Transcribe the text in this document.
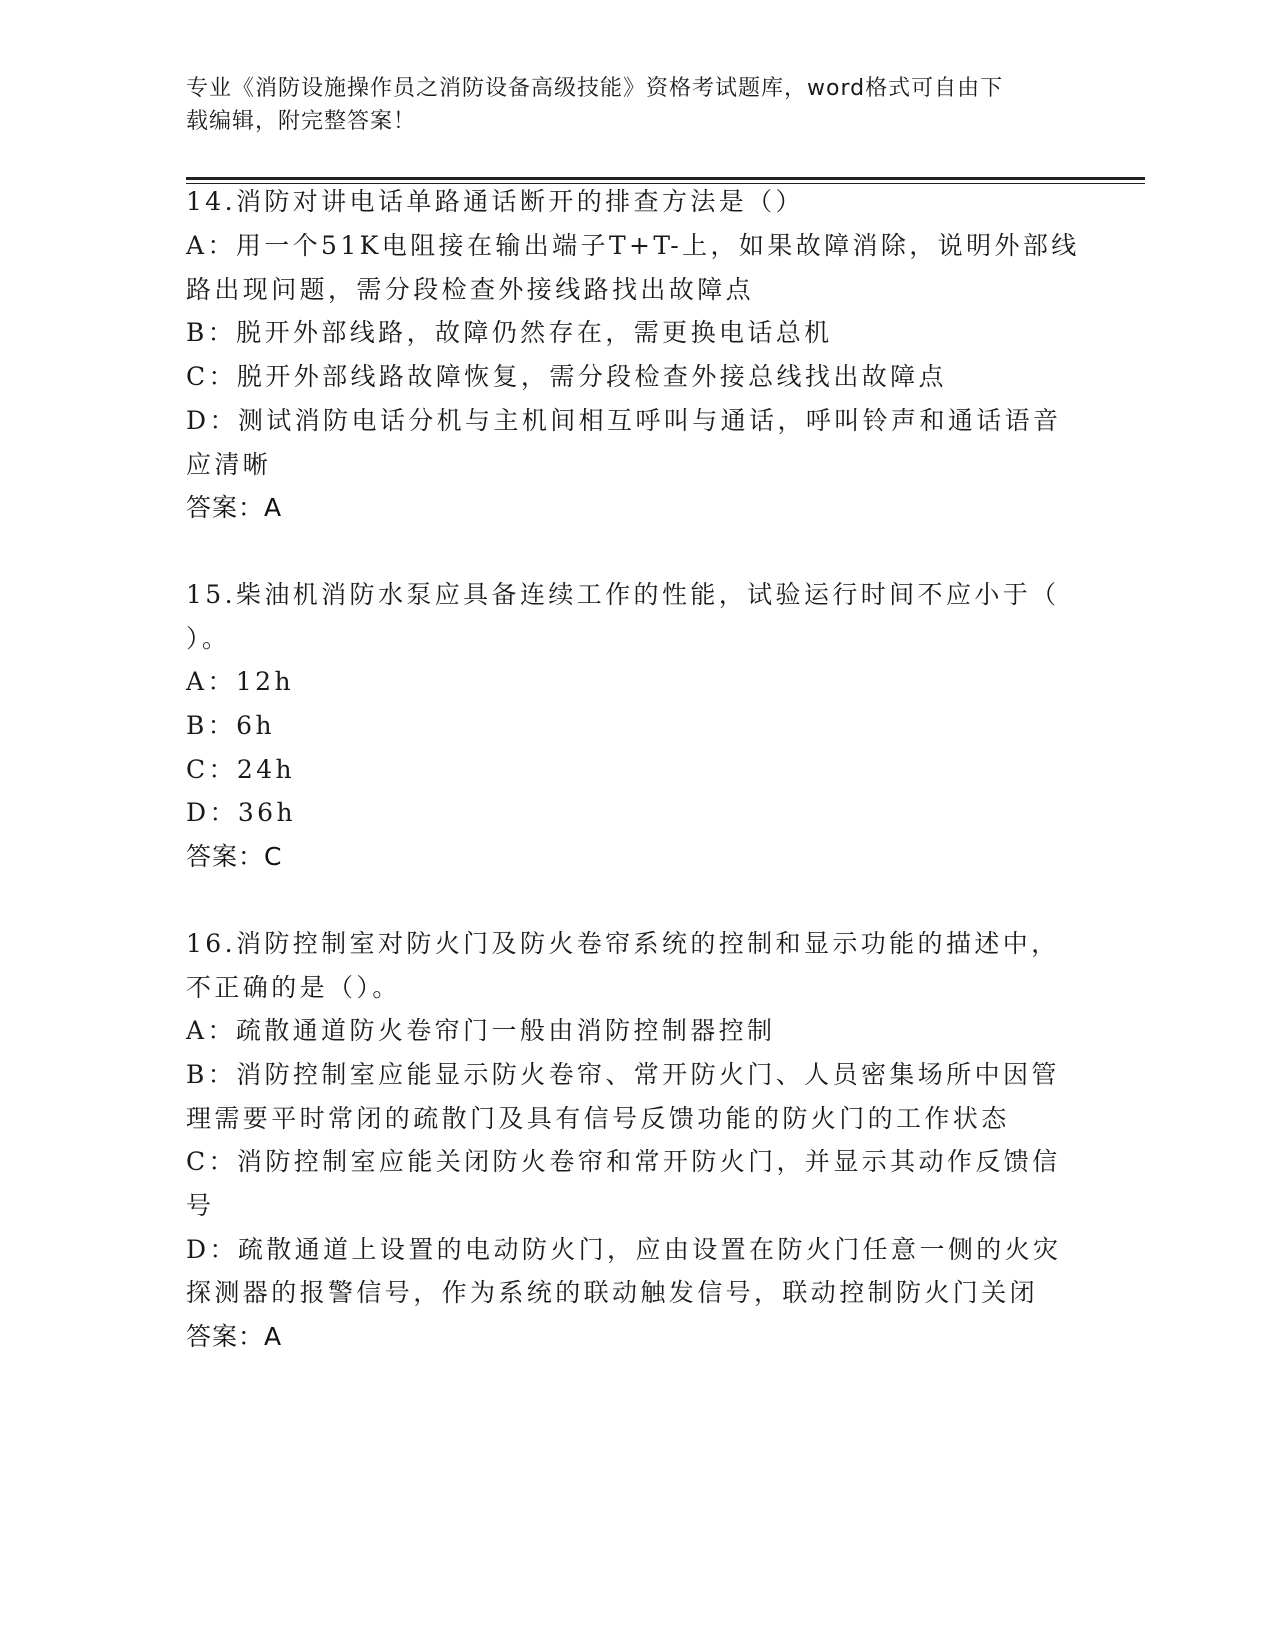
专业《消防设施操作员之消防设备高级技能》资格考试题库，word格式可自由下
载编辑，附完整答案！
14.消防对讲电话单路通话断开的排查方法是（）
A：用一个51K电阻接在输出端子T+T-上，如果故障消除，说明外部线
路出现问题，需分段检查外接线路找出故障点
B：脱开外部线路，故障仍然存在，需更换电话总机
C：脱开外部线路故障恢复，需分段检查外接总线找出故障点
D：测试消防电话分机与主机间相互呼叫与通话，呼叫铃声和通话语音
应清晰
答案：A
15.柴油机消防水泵应具备连续工作的性能，试验运行时间不应小于（
）。
A：12h
B：6h
C：24h
D：36h
答案：C
16.消防控制室对防火门及防火卷帘系统的控制和显示功能的描述中，
不正确的是（）。
A：疏散通道防火卷帘门一般由消防控制器控制
B：消防控制室应能显示防火卷帘、常开防火门、人员密集场所中因管
理需要平时常闭的疏散门及具有信号反馈功能的防火门的工作状态
C：消防控制室应能关闭防火卷帘和常开防火门，并显示其动作反馈信
号
D：疏散通道上设置的电动防火门，应由设置在防火门任意一侧的火灾
探测器的报警信号，作为系统的联动触发信号，联动控制防火门关闭
答案：A
